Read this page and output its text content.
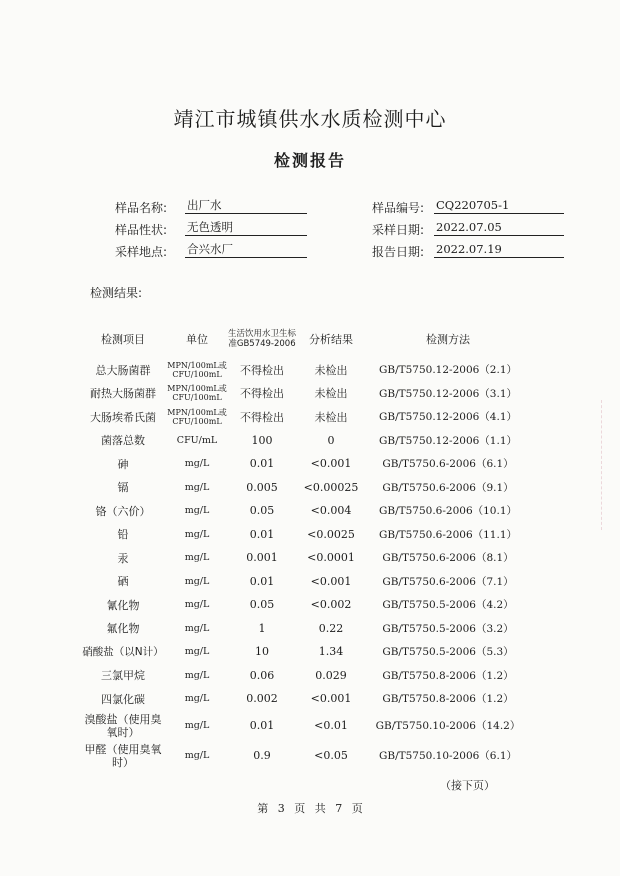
靖江市城镇供水水质检测中心
检测报告
样品名称: 出厂水	样品编号: CQ220705-1
样品性状: 无色透明	采样日期: 2022.07.05
采样地点: 合兴水厂	报告日期: 2022.07.19
检测结果:
检测项目	单位	生活饮用水卫生标准GB5749-2006	分析结果	检测方法
总大肠菌群	MPN/100mL或CFU/100mL	不得检出	未检出	GB/T5750.12-2006（2.1）
耐热大肠菌群	MPN/100mL或CFU/100mL	不得检出	未检出	GB/T5750.12-2006（3.1）
大肠埃希氏菌	MPN/100mL或CFU/100mL	不得检出	未检出	GB/T5750.12-2006（4.1）
菌落总数	CFU/mL	100	0	GB/T5750.12-2006（1.1）
砷	mg/L	0.01	<0.001	GB/T5750.6-2006（6.1）
镉	mg/L	0.005	<0.00025	GB/T5750.6-2006（9.1）
铬（六价）	mg/L	0.05	<0.004	GB/T5750.6-2006（10.1）
铅	mg/L	0.01	<0.0025	GB/T5750.6-2006（11.1）
汞	mg/L	0.001	<0.0001	GB/T5750.6-2006（8.1）
硒	mg/L	0.01	<0.001	GB/T5750.6-2006（7.1）
氰化物	mg/L	0.05	<0.002	GB/T5750.5-2006（4.2）
氟化物	mg/L	1	0.22	GB/T5750.5-2006（3.2）
硝酸盐（以N计）	mg/L	10	1.34	GB/T5750.5-2006（5.3）
三氯甲烷	mg/L	0.06	0.029	GB/T5750.8-2006（1.2）
四氯化碳	mg/L	0.002	<0.001	GB/T5750.8-2006（1.2）
溴酸盐（使用臭氧时）	mg/L	0.01	<0.01	GB/T5750.10-2006（14.2）
甲醛（使用臭氧时）	mg/L	0.9	<0.05	GB/T5750.10-2006（6.1）
（接下页）
第 3 页 共 7 页
